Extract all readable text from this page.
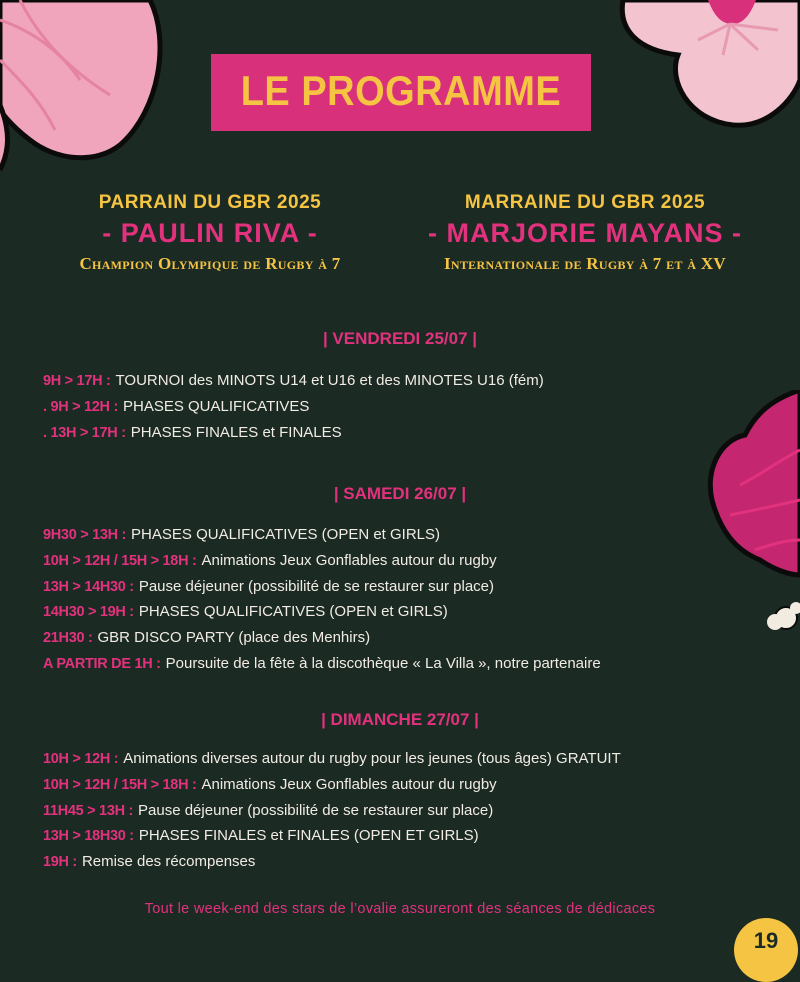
LE PROGRAMME
PARRAIN DU GBR 2025
- PAULIN RIVA -
Champion Olympique de Rugby à 7
MARRAINE DU GBR 2025
- MARJORIE MAYANS -
Internationale de Rugby à 7 et à XV
| VENDREDI 25/07 |
9H > 17H : TOURNOI des MINOTS U14 et U16 et des MINOTES U16 (fém)
. 9H > 12H : PHASES QUALIFICATIVES
. 13H > 17H : PHASES FINALES et FINALES
| SAMEDI 26/07 |
9H30 > 13H : PHASES QUALIFICATIVES (OPEN et GIRLS)
10H > 12H / 15H > 18H : Animations Jeux Gonflables autour du rugby
13H > 14H30 : Pause déjeuner (possibilité de se restaurer sur place)
14H30 > 19H : PHASES QUALIFICATIVES (OPEN et GIRLS)
21H30 : GBR DISCO PARTY (place des Menhirs)
A PARTIR DE 1H : Poursuite de la fête à la discothèque « La Villa », notre partenaire
| DIMANCHE 27/07 |
10H > 12H : Animations diverses autour du rugby pour les jeunes (tous âges) GRATUIT
10H > 12H / 15H > 18H : Animations Jeux Gonflables autour du rugby
11H45 > 13H : Pause déjeuner (possibilité de se restaurer sur place)
13H > 18H30 : PHASES FINALES et FINALES (OPEN ET GIRLS)
19H : Remise des récompenses
Tout le week-end des stars de l’ovalie assureront des séances de dédicaces
19
